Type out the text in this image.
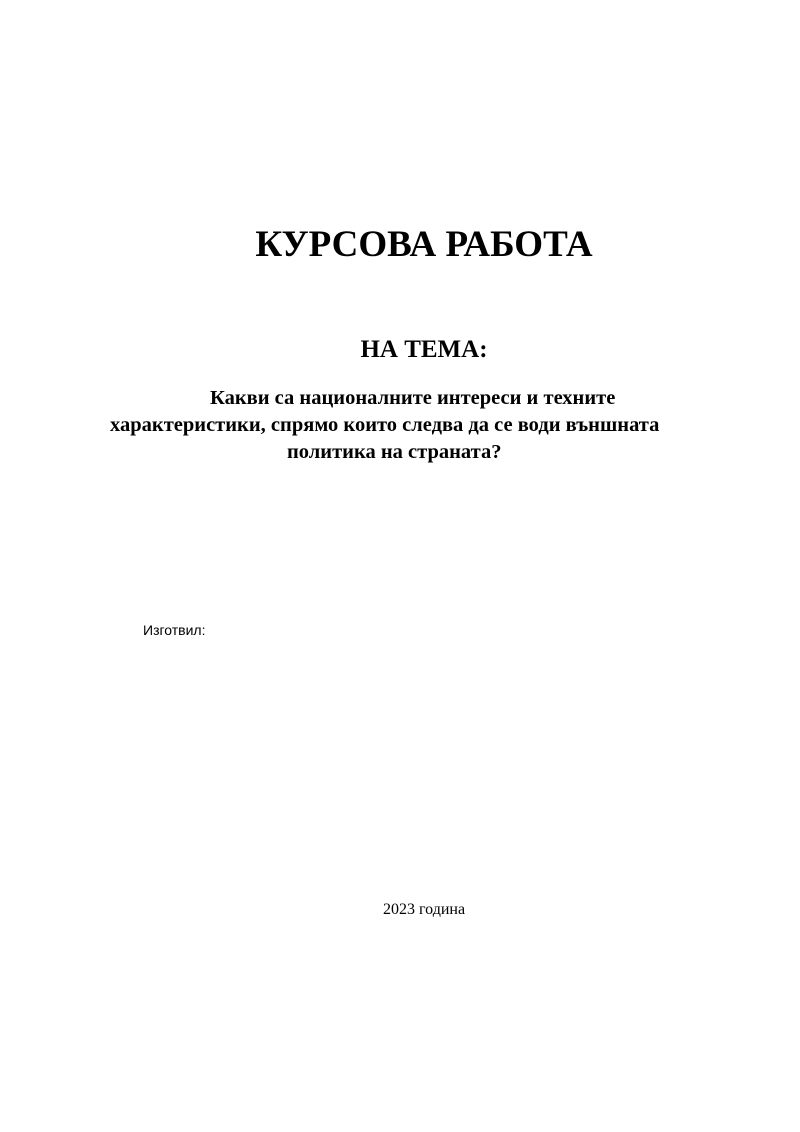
КУРСОВА РАБОТА
НА ТЕМА:
Какви са националните интереси и техните
характеристики, спрямо които следва да се води външната
политика на страната?
Изготвил:
2023 година
